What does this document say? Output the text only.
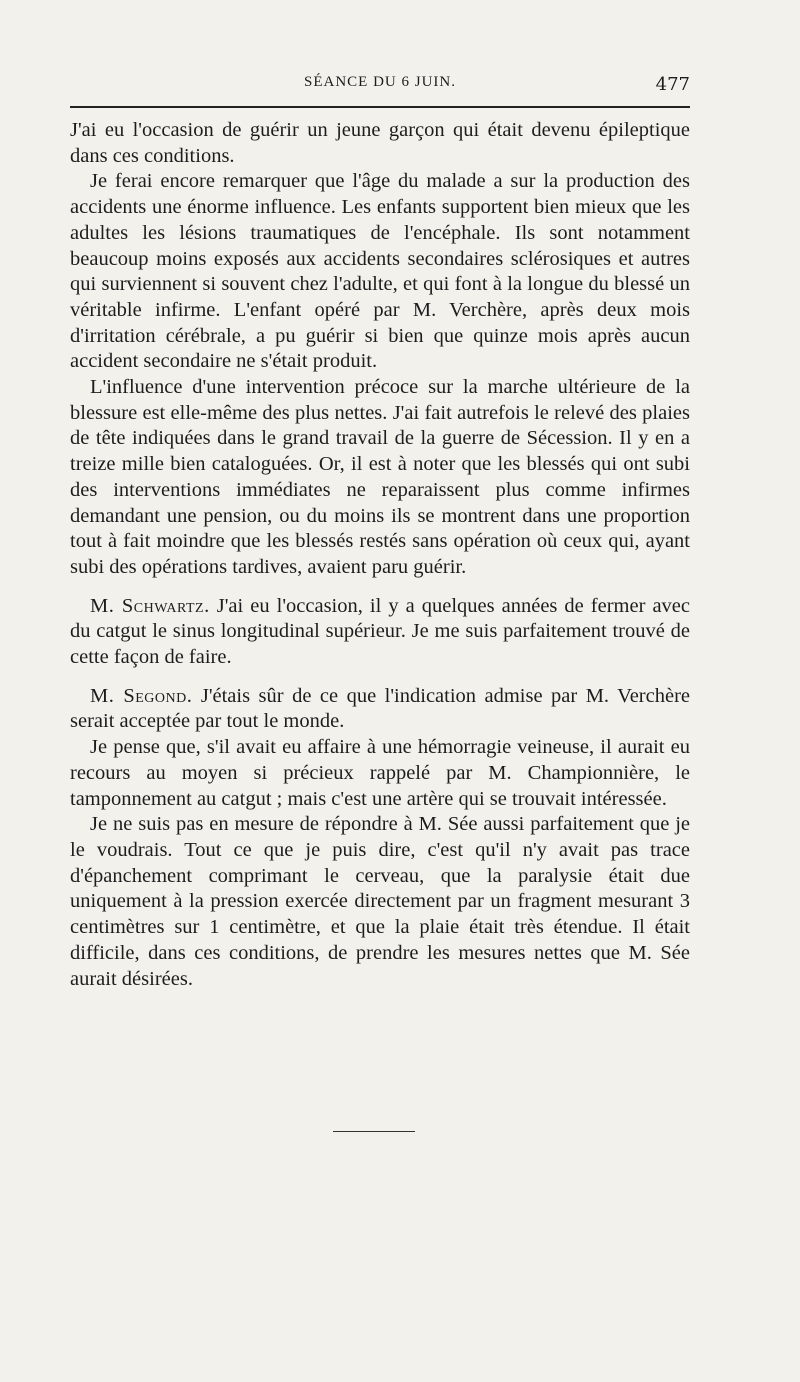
SÉANCE DU 6 JUIN.	477

J'ai eu l'occasion de guérir un jeune garçon qui était devenu épileptique dans ces conditions.

Je ferai encore remarquer que l'âge du malade a sur la production des accidents une énorme influence. Les enfants supportent bien mieux que les adultes les lésions traumatiques de l'encéphale. Ils sont notamment beaucoup moins exposés aux accidents secondaires sclérosiques et autres qui surviennent si souvent chez l'adulte, et qui font à la longue du blessé un véritable infirme. L'enfant opéré par M. Verchère, après deux mois d'irritation cérébrale, a pu guérir si bien que quinze mois après aucun accident secondaire ne s'était produit.

L'influence d'une intervention précoce sur la marche ultérieure de la blessure est elle-même des plus nettes. J'ai fait autrefois le relevé des plaies de tête indiquées dans le grand travail de la guerre de Sécession. Il y en a treize mille bien cataloguées. Or, il est à noter que les blessés qui ont subi des interventions immédiates ne reparaissent plus comme infirmes demandant une pension, ou du moins ils se montrent dans une proportion tout à fait moindre que les blessés restés sans opération où ceux qui, ayant subi des opérations tardives, avaient paru guérir.

M. Schwartz. J'ai eu l'occasion, il y a quelques années de fermer avec du catgut le sinus longitudinal supérieur. Je me suis parfaitement trouvé de cette façon de faire.

M. Segond. J'étais sûr de ce que l'indication admise par M. Verchère serait acceptée par tout le monde.

Je pense que, s'il avait eu affaire à une hémorragie veineuse, il aurait eu recours au moyen si précieux rappelé par M. Championnière, le tamponnement au catgut ; mais c'est une artère qui se trouvait intéressée.

Je ne suis pas en mesure de répondre à M. Sée aussi parfaitement que je le voudrais. Tout ce que je puis dire, c'est qu'il n'y avait pas trace d'épanchement comprimant le cerveau, que la paralysie était due uniquement à la pression exercée directement par un fragment mesurant 3 centimètres sur 1 centimètre, et que la plaie était très étendue. Il était difficile, dans ces conditions, de prendre les mesures nettes que M. Sée aurait désirées.
